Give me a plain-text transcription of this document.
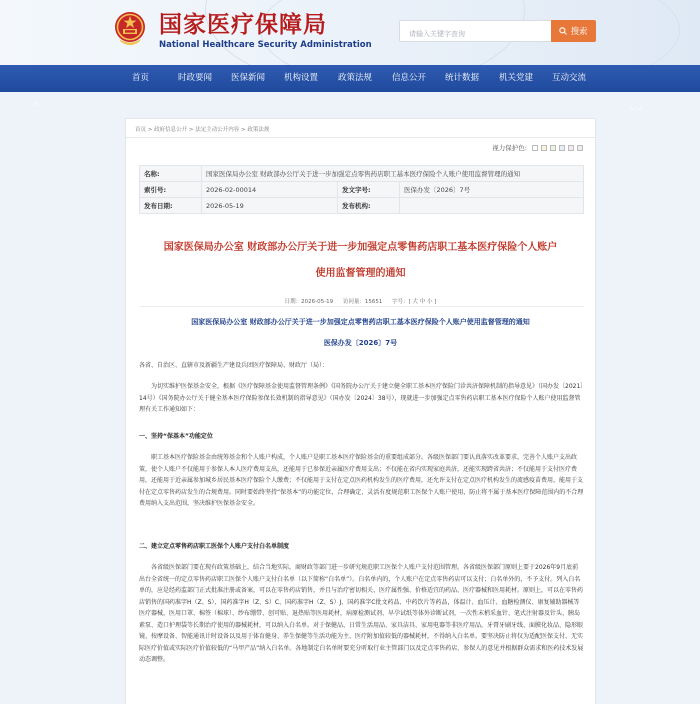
国家医疗保障局
National Healthcare Security Administration
请输入关键字查询
搜索
首页	时政要闻 医保新闻 机构设置 政策法规 信息公开 统计数据 机关党建 互动交流
〰	〰
首页 > 政府信息公开 > 法定主动公开内容 > 政策法规
视力保护色:
名称:	国家医保局办公室 财政部办公厅关于进一步加强定点零售药店职工基本医疗保险个人账户使用监督管理的通知		
索引号:	2026-02-00014	发文字号:	医保办发〔2026〕7号
发布日期:	2026-05-19	发布机构:	
国家医保局办公室 财政部办公厅关于进一步加强定点零售药店职工基本医疗保险个人账户
使用监督管理的通知
日期：2026-05-19 访问量：15651 字号：[ 大 中 小 ]
国家医保局办公室 财政部办公厅关于进一步加强定点零售药店职工基本医疗保险个人账户使用监督管理的通知
医保办发〔2026〕7号
各省、自治区、直辖市及新疆生产建设兵团医疗保障局、财政厅（局）：
为切实维护医保基金安全，根据《医疗保障基金使用监督管理条例》《国务院办公厅关于建立健全职工基本医疗保险门诊共济保障机制的指导意见》（国办发〔2021〕14号）《国务院办公厅关于健全基本医疗保险参保长效机制的指导意见》（国办发〔2024〕38号），现就进一步加强定点零售药店职工基本医疗保险个人账户使用监督管理有关工作通知如下：
一、坚持“保基本”功能定位
职工基本医疗保险基金由统筹基金和个人账户构成，个人账户是职工基本医疗保险基金的重要组成部分。各级医保部门要认真落实改革要求，完善个人账户支出政策，使个人账户不仅能用于参保人本人医疗费用支出，还能用于已参保近亲属医疗费用支出；不仅能在省内实现家庭共济，还能实现跨省共济；不仅能用于支付医疗费用，还能用于近亲属参加城乡居民基本医疗保险个人缴费；不仅能用于支付在定点医药机构发生的医疗费用，还允许支付在定点医疗机构发生的流感疫苗费用，能用于支付在定点零售药店发生的合规费用。同时要始终坚持“保基本”的功能定位，合理确定、灵活有度规范职工医保个人账户使用，防止将不属于基本医疗保障范围内的不合理费用纳入支出范围，坚决维护医保基金安全。
二、建立定点零售药店职工医保个人账户支付白名单制度
各省级医保部门要在现有政策基础上，结合当地实际，商财政等部门进一步研究规范职工医保个人账户支付范围管理。各省级医保部门原则上要于2026年9月底前出台全省统一的定点零售药店职工医保个人账户支付白名单（以下简称“白名单”）。白名单内的，个人账户在定点零售药店可以支付；白名单外的，不予支付。列入白名单的，应是经药监部门正式批准注册或备案，可以在零售药店销售，并且与治疗密切相关、医疗属性强、价格适宜的药品、医疗器械和医用耗材。原则上，可以在零售药店销售的国药准字H（Z、S）、国药准字H（Z、S）C、国药准字H（Z、S）J、国药准字C批文药品、中药饮片等药品，体温计、血压计、血糖检测仪、康复辅助器械等医疗器械，医用口罩、棉签（棉球）、纱布绷带、创可贴、退热贴等医用耗材，病原检测试剂、早孕试纸等体外诊断试剂，一次性末梢采血针、笔式注射器及针头、胰岛素泵、造口护理袋等长期治疗使用的器械耗材，可以纳入白名单。对于保健品、日常生活用品、家具洁具、家用电器等非医疗用品，牙膏牙刷牙线、面膜化妆品、隐形眼镜、按摩设备、智能通讯计时设备以及用于体育健身、养生保健等生活功能为主、医疗附加值较低的器械耗材，不得纳入白名单。要坚决防止将仅为适配医保支付、无实际医疗价值或实际医疗价值较低的“马甲产品”纳入白名单。各地制定白名单时要充分听取行业主管部门以及定点零售药店、参保人的意见并根据群众需求和医药技术发展动态调整。
